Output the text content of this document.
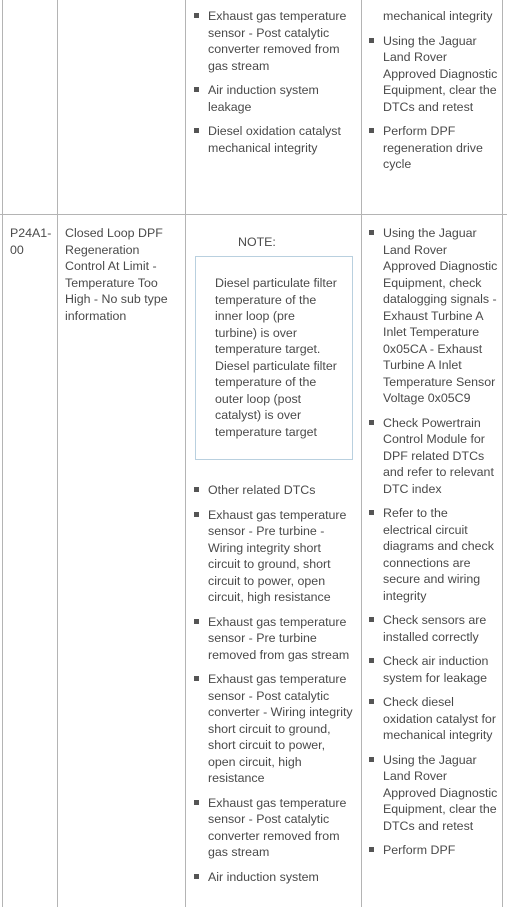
Exhaust gas temperature sensor - Post catalytic converter removed from gas stream
Air induction system leakage
Diesel oxidation catalyst mechanical integrity
mechanical integrity
Using the Jaguar Land Rover Approved Diagnostic Equipment, clear the DTCs and retest
Perform DPF regeneration drive cycle

P24A1-00

Closed Loop DPF Regeneration Control At Limit - Temperature Too High - No sub type information

NOTE:

Diesel particulate filter temperature of the inner loop (pre turbine) is over temperature target. Diesel particulate filter temperature of the outer loop (post catalyst) is over temperature target

Other related DTCs
Exhaust gas temperature sensor - Pre turbine - Wiring integrity short circuit to ground, short circuit to power, open circuit, high resistance
Exhaust gas temperature sensor - Pre turbine removed from gas stream
Exhaust gas temperature sensor - Post catalytic converter - Wiring integrity short circuit to ground, short circuit to power, open circuit, high resistance
Exhaust gas temperature sensor - Post catalytic converter removed from gas stream
Air induction system
Using the Jaguar Land Rover Approved Diagnostic Equipment, check datalogging signals - Exhaust Turbine A Inlet Temperature 0x05CA - Exhaust Turbine A Inlet Temperature Sensor Voltage 0x05C9
Check Powertrain Control Module for DPF related DTCs and refer to relevant DTC index
Refer to the electrical circuit diagrams and check connections are secure and wiring integrity
Check sensors are installed correctly
Check air induction system for leakage
Check diesel oxidation catalyst for mechanical integrity
Using the Jaguar Land Rover Approved Diagnostic Equipment, clear the DTCs and retest
Perform DPF
